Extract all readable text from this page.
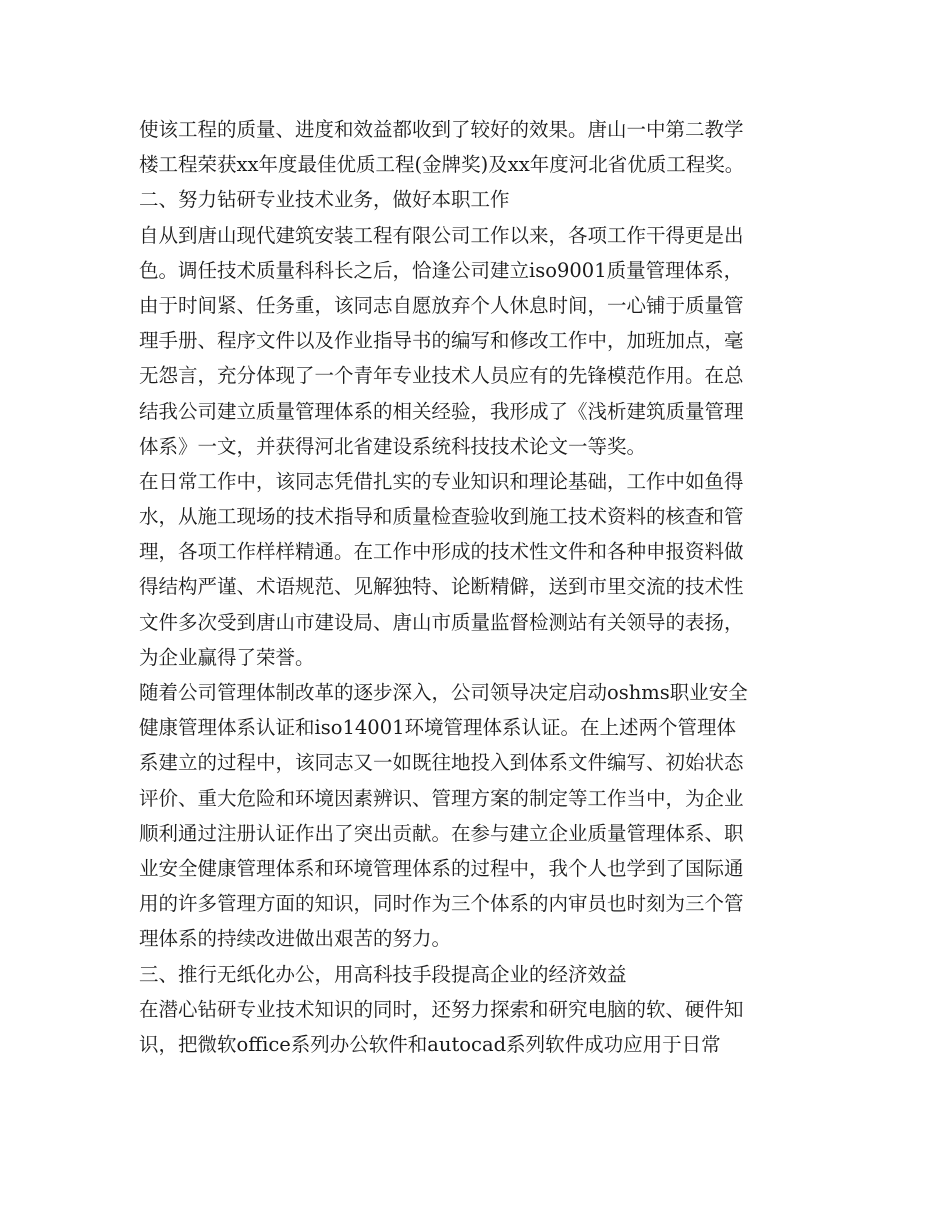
使该工程的质量、进度和效益都收到了较好的效果。唐山一中第二教学
楼工程荣获xx年度最佳优质工程(金牌奖)及xx年度河北省优质工程奖。
二、努力钻研专业技术业务，做好本职工作
自从到唐山现代建筑安装工程有限公司工作以来，各项工作干得更是出
色。调任技术质量科科长之后，恰逢公司建立iso9001质量管理体系，
由于时间紧、任务重，该同志自愿放弃个人休息时间，一心铺于质量管
理手册、程序文件以及作业指导书的编写和修改工作中，加班加点，毫
无怨言，充分体现了一个青年专业技术人员应有的先锋模范作用。在总
结我公司建立质量管理体系的相关经验，我形成了《浅析建筑质量管理
体系》一文，并获得河北省建设系统科技技术论文一等奖。
在日常工作中，该同志凭借扎实的专业知识和理论基础，工作中如鱼得
水，从施工现场的技术指导和质量检查验收到施工技术资料的核查和管
理，各项工作样样精通。在工作中形成的技术性文件和各种申报资料做
得结构严谨、术语规范、见解独特、论断精僻，送到市里交流的技术性
文件多次受到唐山市建设局、唐山市质量监督检测站有关领导的表扬，
为企业赢得了荣誉。
随着公司管理体制改革的逐步深入，公司领导决定启动oshms职业安全
健康管理体系认证和iso14001环境管理体系认证。在上述两个管理体
系建立的过程中，该同志又一如既往地投入到体系文件编写、初始状态
评价、重大危险和环境因素辨识、管理方案的制定等工作当中，为企业
顺利通过注册认证作出了突出贡献。在参与建立企业质量管理体系、职
业安全健康管理体系和环境管理体系的过程中，我个人也学到了国际通
用的许多管理方面的知识，同时作为三个体系的内审员也时刻为三个管
理体系的持续改进做出艰苦的努力。
三、推行无纸化办公，用高科技手段提高企业的经济效益
在潜心钻研专业技术知识的同时，还努力探索和研究电脑的软、硬件知
识，把微软office系列办公软件和autocad系列软件成功应用于日常
